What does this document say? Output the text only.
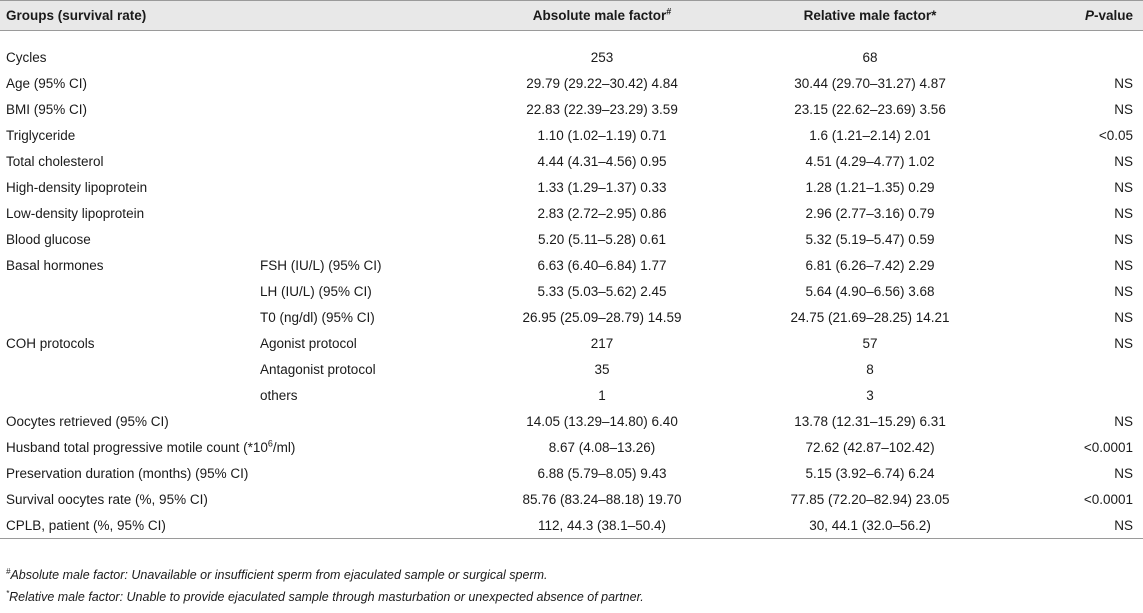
Groups (survival rate)		Absolute male factor#	Relative male factor*	P-value

Cycles		253	68	
Age (95% CI)		29.79 (29.22–30.42) 4.84	30.44 (29.70–31.27) 4.87	NS
BMI (95% CI)		22.83 (22.39–23.29) 3.59	23.15 (22.62–23.69) 3.56	NS
Triglyceride		1.10 (1.02–1.19) 0.71	1.6 (1.21–2.14) 2.01	<0.05
Total cholesterol		4.44 (4.31–4.56) 0.95	4.51 (4.29–4.77) 1.02	NS
High-density lipoprotein		1.33 (1.29–1.37) 0.33	1.28 (1.21–1.35) 0.29	NS
Low-density lipoprotein		2.83 (2.72–2.95) 0.86	2.96 (2.77–3.16) 0.79	NS
Blood glucose		5.20 (5.11–5.28) 0.61	5.32 (5.19–5.47) 0.59	NS
Basal hormones	FSH (IU/L) (95% CI)	6.63 (6.40–6.84) 1.77	6.81 (6.26–7.42) 2.29	NS
	LH (IU/L) (95% CI)	5.33 (5.03–5.62) 2.45	5.64 (4.90–6.56) 3.68	NS
	T0 (ng/dl) (95% CI)	26.95 (25.09–28.79) 14.59	24.75 (21.69–28.25) 14.21	NS
COH protocols	Agonist protocol	217	57	NS
	Antagonist protocol	35	8	
	others	1	3	
Oocytes retrieved (95% CI)		14.05 (13.29–14.80) 6.40	13.78 (12.31–15.29) 6.31	NS
Husband total progressive motile count $(*10^6/ml)$		8.67 (4.08–13.26)	72.62 (42.87–102.42)	<0.0001
Preservation duration (months) (95% CI)		6.88 (5.79–8.05) 9.43	5.15 (3.92–6.74) 6.24	NS
Survival oocytes rate (%, 95% CI)		85.76 (83.24–88.18) 19.70	77.85 (72.20–82.94) 23.05	<0.0001
CPLB, patient (%, 95% CI)		112, 44.3 (38.1–50.4)	30, 44.1 (32.0–56.2)	NS
#Absolute male factor: Unavailable or insufficient sperm from ejaculated sample or surgical sperm.
*Relative male factor: Unable to provide ejaculated sample through masturbation or unexpected absence of partner.
